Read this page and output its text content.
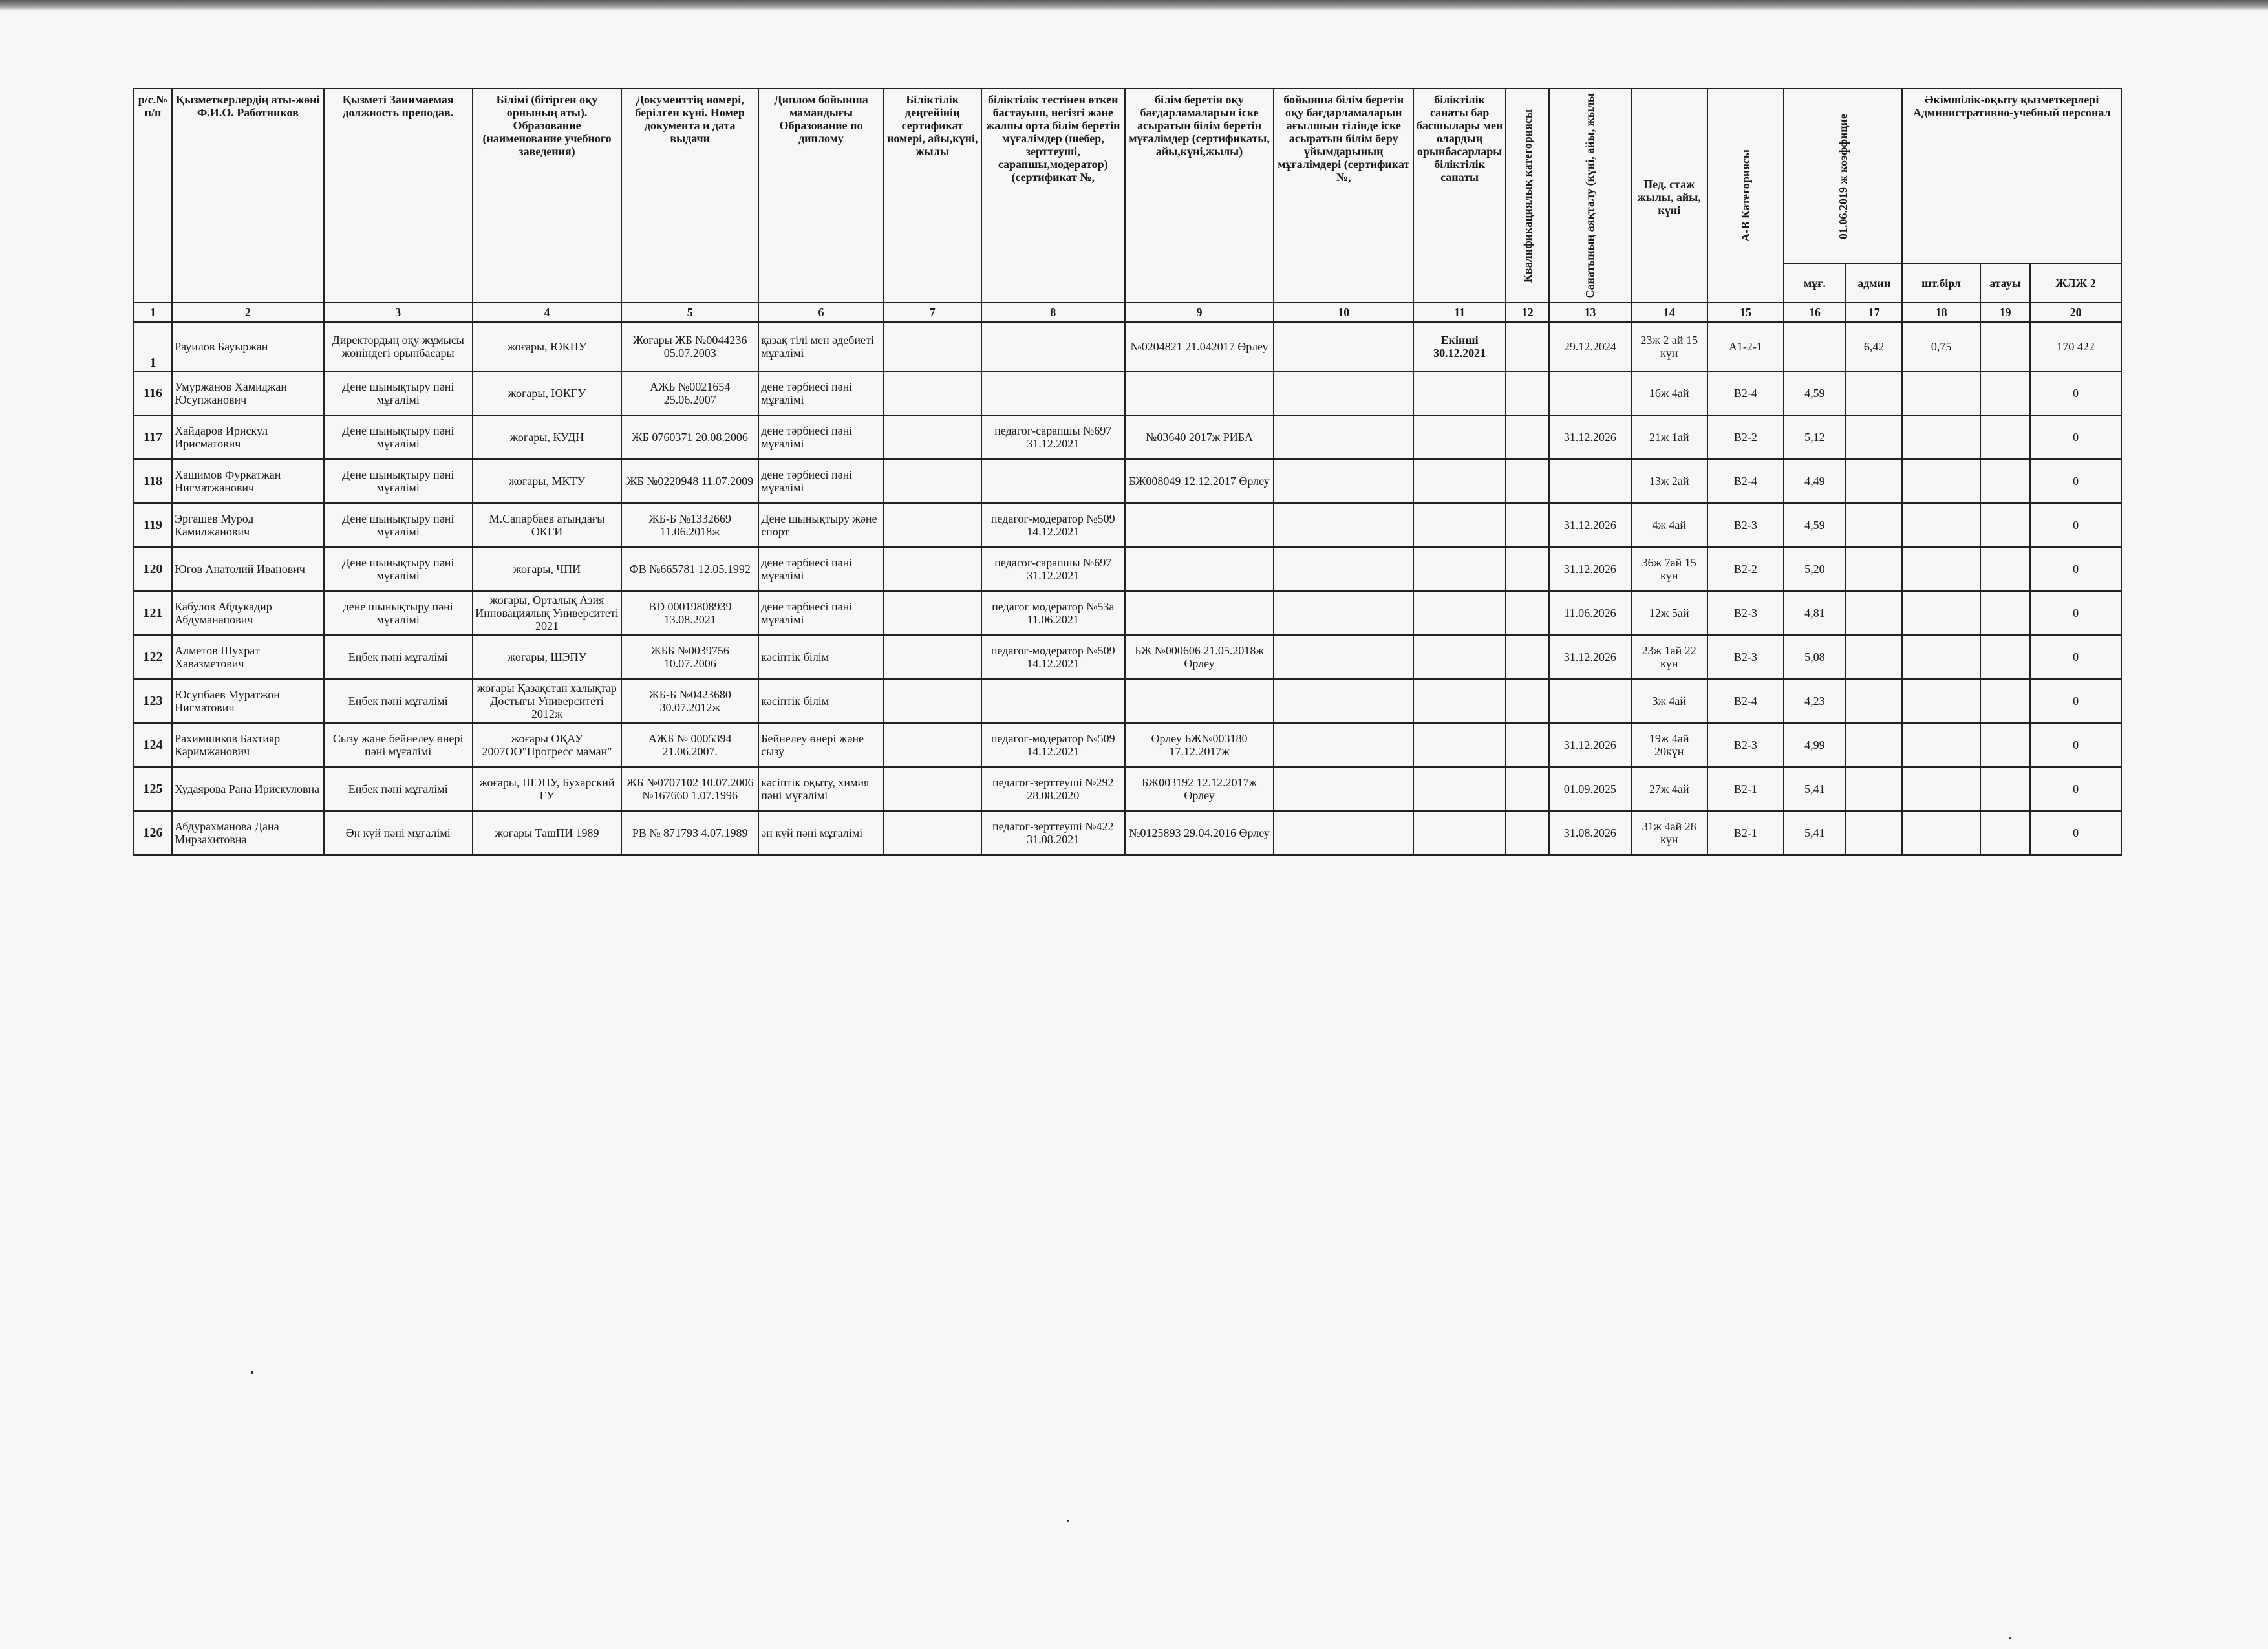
р/с.№ п/п	Қызметкерлердің аты-жөні Ф.И.О. Работников	Қызметі Занимаемая должность преподав.	Білімі (бітірген оқу орнының аты). Образование (наименование учебного заведения)	Документтің номері, берілген күні. Номер документа и дата выдачи	Диплом бойынша мамандығы Образование по диплому	Біліктілік деңгейінің сертификат номері, айы,күні, жылы	біліктілік тестінен өткен бастауыш, негізгі және жалпы орта білім беретін мұғалімдер (шебер, зерттеуші, сарапшы,модератор)(сертификат №,	білім беретін оқу бағдарламаларын іске асыратын білім беретін мұғалімдер (сертификаты, айы,күні,жылы)	бойынша білім беретін оқу бағдарламаларын ағылшын тілінде іске асыратын білім беру ұйымдарының мұғалімдері (сертификат №,	біліктілік санаты бар басшылары мен олардың орынбасарлары біліктілік санаты	Квалификациялық категориясы	Санатының аяқталу (күні, айы, жылы	Пед. стаж жылы, айы, күні	А-В Категориясы	01.06.2019 ж коэффицие		Әкімшілік-оқыту қызметкерлері Административно-учебный персонал		
															мұғ.	админ	шт.бірл	атауы	ЖЛЖ 2
1	2	3	4	5	6	7	8	9	10	11	12	13	14	15	16	17	18	19	20
1	Рауилов Бауыржан	Директордың оқу жұмысы жөніндегі орынбасары	жоғары, ЮКПУ	Жоғары ЖБ №0044236 05.07.2003	қазақ тілі мен әдебиеті мұғалімі			№0204821 21.042017 Өрлеу		Екінші 30.12.2021		29.12.2024	23ж 2 ай 15 күн	А1-2-1		6,42	0,75		170 422
116	Умуржанов Хамиджан Юсупжанович	Дене шынықтыру пәні мұғалімі	жоғары, ЮКГУ	АЖБ №0021654 25.06.2007	дене тәрбиесі пәні мұғалімі								16ж 4ай	В2-4	4,59				0
117	Хайдаров Ирискул Ирисматович	Дене шынықтыру пәні мұғалімі	жоғары, КУДН	ЖБ 0760371 20.08.2006	дене тәрбиесі пәні мұғалімі		педагог-сарапшы №697 31.12.2021	№03640 2017ж РИБА				31.12.2026	21ж 1ай	В2-2	5,12				0
118	Хашимов Фуркатжан Нигматжанович	Дене шынықтыру пәні мұғалімі	жоғары, МКТУ	ЖБ №0220948 11.07.2009	дене тәрбиесі пәні мұғалімі			БЖ008049 12.12.2017 Өрлеу					13ж 2ай	В2-4	4,49				0
119	Эргашев Мурод Камилжанович	Дене шынықтыру пәні мұғалімі	М.Сапарбаев атындағы ОКГИ	ЖБ-Б №1332669 11.06.2018ж	Дене шынықтыру және спорт		педагог-модератор №509 14.12.2021					31.12.2026	4ж 4ай	В2-3	4,59				0
120	Югов Анатолий Иванович	Дене шынықтыру пәні мұғалімі	жоғары, ЧПИ	ФВ №665781 12.05.1992	дене тәрбиесі пәні мұғалімі		педагог-сарапшы №697 31.12.2021					31.12.2026	36ж 7ай 15 күн	В2-2	5,20				0
121	Кабулов Абдукадир Абдуманапович	дене шынықтыру пәні мұғалімі	жоғары, Орталық Азия Инновациялық Университеті 2021	BD 00019808939 13.08.2021	дене тәрбиесі пәні мұғалімі		педагог модератор №53а 11.06.2021					11.06.2026	12ж 5ай	В2-3	4,81				0
122	Алметов Шухрат Хавазметович	Еңбек пәні мұғалімі	жоғары, ШЭПУ	ЖББ №0039756 10.07.2006	кәсіптік білім		педагог-модератор №509 14.12.2021	БЖ №000606 21.05.2018ж Өрлеу				31.12.2026	23ж 1ай 22 күн	В2-3	5,08				0
123	Юсупбаев Муратжон Нигматович	Еңбек пәні мұғалімі	жоғары Қазақстан халықтар Достығы Университеті 2012ж	ЖБ-Б №0423680 30.07.2012ж	кәсіптік білім								3ж 4ай	В2-4	4,23				0
124	Рахимшиков Бахтияр Каримжанович	Сызу және бейнелеу өнері пәні мұғалімі	жоғары ОҚАУ 2007ОО"Прогресс маман"	АЖБ № 0005394 21.06.2007.	Бейнелеу өнері және сызу		педагог-модератор №509 14.12.2021	Өрлеу БЖ№003180 17.12.2017ж				31.12.2026	19ж 4ай 20күн	В2-3	4,99				0
125	Худаярова Рана Ирискуловна	Еңбек пәні мұғалімі	жоғары, ШЭПУ, Бухарский ГУ	ЖБ №0707102 10.07.2006 №167660 1.07.1996	кәсіптік оқыту, химия пәні мұғалімі		педагог-зерттеуші №292 28.08.2020	БЖ003192 12.12.2017ж Өрлеу				01.09.2025	27ж 4ай	В2-1	5,41				0
126	Абдурахманова Дана Мирзахитовна	Ән күй пәні мұғалімі	жоғары ТашПИ 1989	РВ № 871793 4.07.1989	ән күй пәні мұғалімі		педагог-зерттеуші №422 31.08.2021	№0125893 29.04.2016 Өрлеу				31.08.2026	31ж 4ай 28 күн	В2-1	5,41				0
